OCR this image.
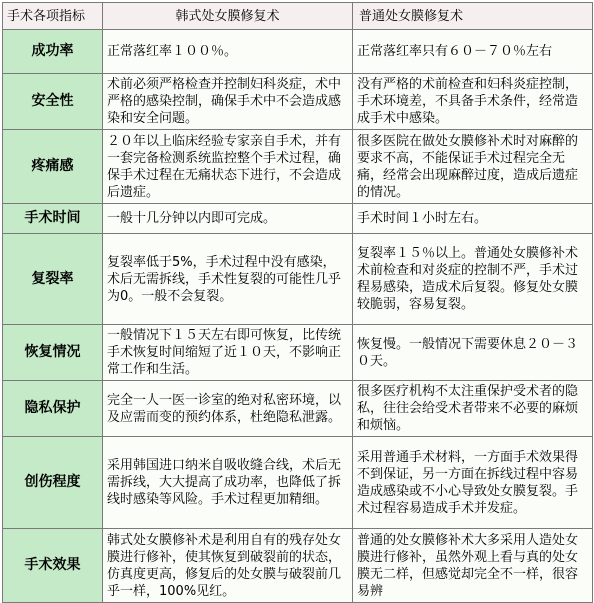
手术各项指标	韩式处女膜修复术	普通处女膜修复术
成功率	正常落红率１００％。	正常落红率只有６０－７０％左右
安全性	术前必须严格检查并控制妇科炎症，术中严格的感染控制，确保手术中不会造成感染和安全问题。	没有严格的术前检查和妇科炎症控制，手术环境差，不具备手术条件，经常造成手术中感染。
疼痛感	２０年以上临床经验专家亲自手术，并有一套完备检测系统监控整个手术过程，确保手术过程在无痛状态下进行，不会造成后遗症。	很多医院在做处女膜修补术时对麻醉的要求不高，不能保证手术过程完全无痛，经常会出现麻醉过度，造成后遗症的情况。
手术时间	一般十几分钟以内即可完成。	手术时间１小时左右。
复裂率	复裂率低于5%，手术过程中没有感染，术后无需拆线，手术性复裂的可能性几乎为0。一般不会复裂。	复裂率１５％以上。普通处女膜修补术术前检查和对炎症的控制不严，手术过程易感染，造成术后复裂。修复处女膜较脆弱，容易复裂。
恢复情况	一般情况下１５天左右即可恢复，比传统手术恢复时间缩短了近１０天，不影响正常工作和生活。	恢复慢。一般情况下需要休息２０－３０天。
隐私保护	完全一人一医一诊室的绝对私密环境，以及应需而变的预约体系，杜绝隐私泄露。	很多医疗机构不太注重保护受术者的隐私，往往会给受术者带来不必要的麻烦和烦恼。
创伤程度	采用韩国进口纳米自吸收缝合线，术后无需拆线，大大提高了成功率，也降低了拆线时感染等风险。手术过程更加精细。	采用普通手术材料，一方面手术效果得不到保证，另一方面在拆线过程中容易造成感染或不小心导致处女膜复裂。手术过程容易造成手术并发症。
手术效果	韩式处女膜修补术是利用自有的残存处女膜进行修补，使其恢复到破裂前的状态，仿真度更高，修复后的处女膜与破裂前几乎一样，100%见红。	普通的处女膜修补术大多采用人造处女膜进行修补，虽然外观上看与真的处女膜无二样，但感觉却完全不一样，很容易辨
